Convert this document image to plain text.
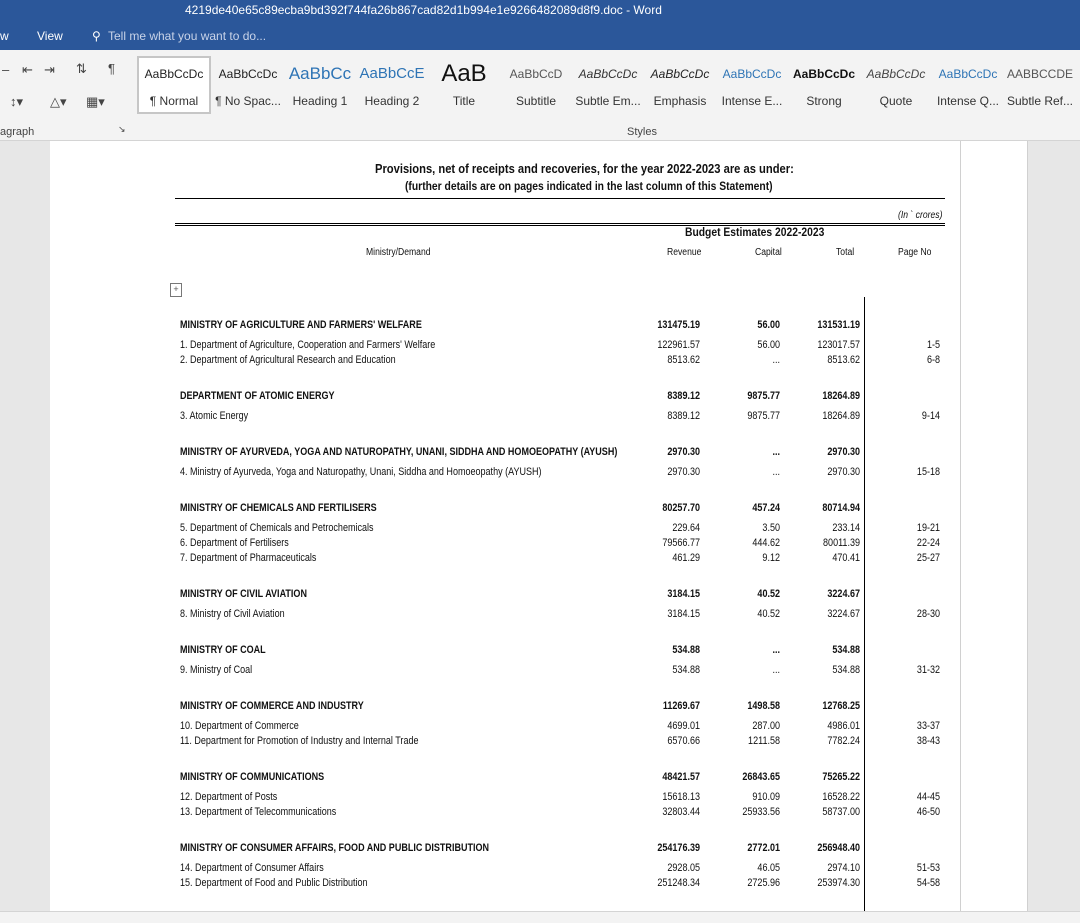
4219de40e65c89ecba9bd392f744fa26b867cad82d1b994e1e9266482089d8f9.doc - Word
w View ⚲ Tell me what you want to do...
– ⇤ ⇥ ⇅ ¶
↕▾ △▾ ▦▾
agraph	↘	Styles
AaBbCcDc
¶ Normal
AaBbCcDc
¶ No Spac...
AaBbCc
Heading 1
AaBbCcE
Heading 2
AaB
Title
AaBbCcD
Subtitle
AaBbCcDc
Subtle Em...
AaBbCcDc
Emphasis
AaBbCcDc
Intense E...
AaBbCcDc
Strong
AaBbCcDc
Quote
AaBbCcDc
Intense Q...
AABBCCDE
Subtle Ref...
Provisions, net of receipts and recoveries, for the year 2022-2023 are as under:
(further details are on pages indicated in the last column of this Statement)
(In ` crores)
Budget Estimates 2022-2023
Ministry/Demand	Revenue	Capital	Total	Page No
+
MINISTRY OF AGRICULTURE AND FARMERS' WELFARE	131475.19	56.00	131531.19
1. Department of Agriculture, Cooperation and Farmers' Welfare	122961.57	56.00	123017.57	1-5
2. Department of Agricultural Research and Education	8513.62	...	8513.62	6-8
DEPARTMENT OF ATOMIC ENERGY	8389.12	9875.77	18264.89
3. Atomic Energy	8389.12	9875.77	18264.89	9-14
MINISTRY OF AYURVEDA, YOGA AND NATUROPATHY, UNANI, SIDDHA AND HOMOEOPATHY (AYUSH)	2970.30	...	2970.30
4. Ministry of Ayurveda, Yoga and Naturopathy, Unani, Siddha and Homoeopathy (AYUSH)	2970.30	...	2970.30	15-18
MINISTRY OF CHEMICALS AND FERTILISERS	80257.70	457.24	80714.94
5. Department of Chemicals and Petrochemicals	229.64	3.50	233.14	19-21
6. Department of Fertilisers	79566.77	444.62	80011.39	22-24
7. Department of Pharmaceuticals	461.29	9.12	470.41	25-27
MINISTRY OF CIVIL AVIATION	3184.15	40.52	3224.67
8. Ministry of Civil Aviation	3184.15	40.52	3224.67	28-30
MINISTRY OF COAL	534.88	...	534.88
9. Ministry of Coal	534.88	...	534.88	31-32
MINISTRY OF COMMERCE AND INDUSTRY	11269.67	1498.58	12768.25
10. Department of Commerce	4699.01	287.00	4986.01	33-37
11. Department for Promotion of Industry and Internal Trade	6570.66	1211.58	7782.24	38-43
MINISTRY OF COMMUNICATIONS	48421.57	26843.65	75265.22
12. Department of Posts	15618.13	910.09	16528.22	44-45
13. Department of Telecommunications	32803.44	25933.56	58737.00	46-50
MINISTRY OF CONSUMER AFFAIRS, FOOD AND PUBLIC DISTRIBUTION	254176.39	2772.01	256948.40
14. Department of Consumer Affairs	2928.05	46.05	2974.10	51-53
15. Department of Food and Public Distribution	251248.34	2725.96	253974.30	54-58
